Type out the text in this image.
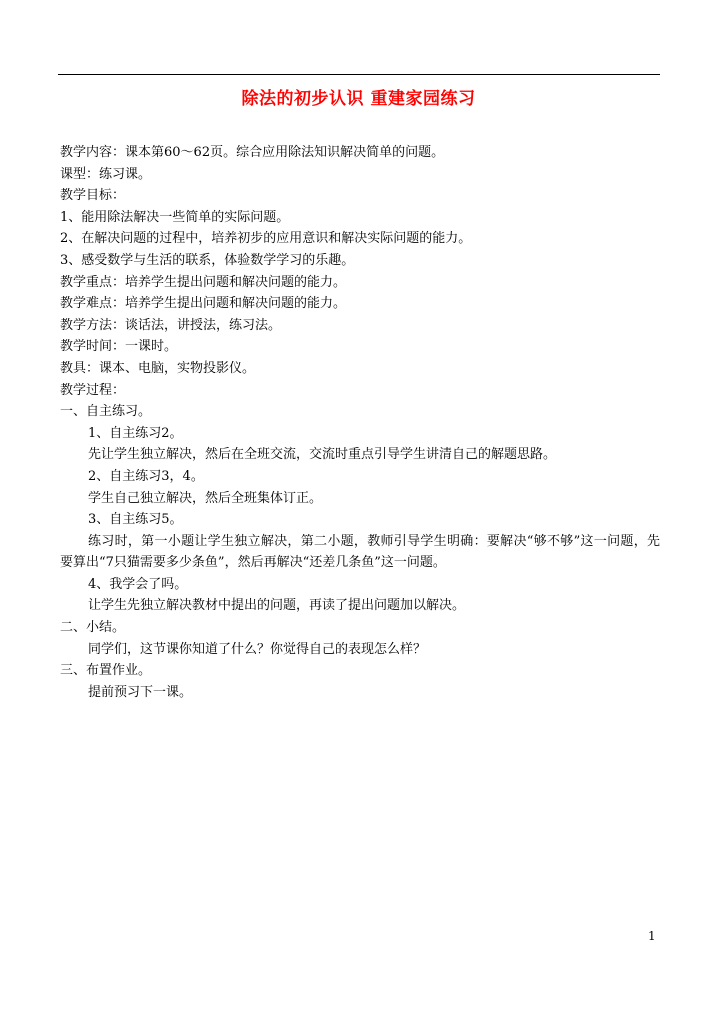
除法的初步认识 重建家园练习
教学内容：课本第60～62页。综合应用除法知识解决简单的问题。
课型：练习课。
教学目标：
1、能用除法解决一些简单的实际问题。
2、在解决问题的过程中，培养初步的应用意识和解决实际问题的能力。
3、感受数学与生活的联系，体验数学学习的乐趣。
教学重点：培养学生提出问题和解决问题的能力。
教学难点：培养学生提出问题和解决问题的能力。
教学方法：谈话法，讲授法，练习法。
教学时间：一课时。
教具：课本、电脑，实物投影仪。
教学过程：
一、自主练习。
1、自主练习2。
先让学生独立解决，然后在全班交流，交流时重点引导学生讲清自己的解题思路。
2、自主练习3，4。
学生自己独立解决，然后全班集体订正。
3、自主练习5。
练习时，第一小题让学生独立解决，第二小题，教师引导学生明确：要解决“够不够”这一问题，先要算出“7只猫需要多少条鱼”，然后再解决“还差几条鱼”这一问题。
4、我学会了吗。
让学生先独立解决教材中提出的问题，再读了提出问题加以解决。
二、小结。
同学们，这节课你知道了什么？你觉得自己的表现怎么样？
三、布置作业。
提前预习下一课。
1
